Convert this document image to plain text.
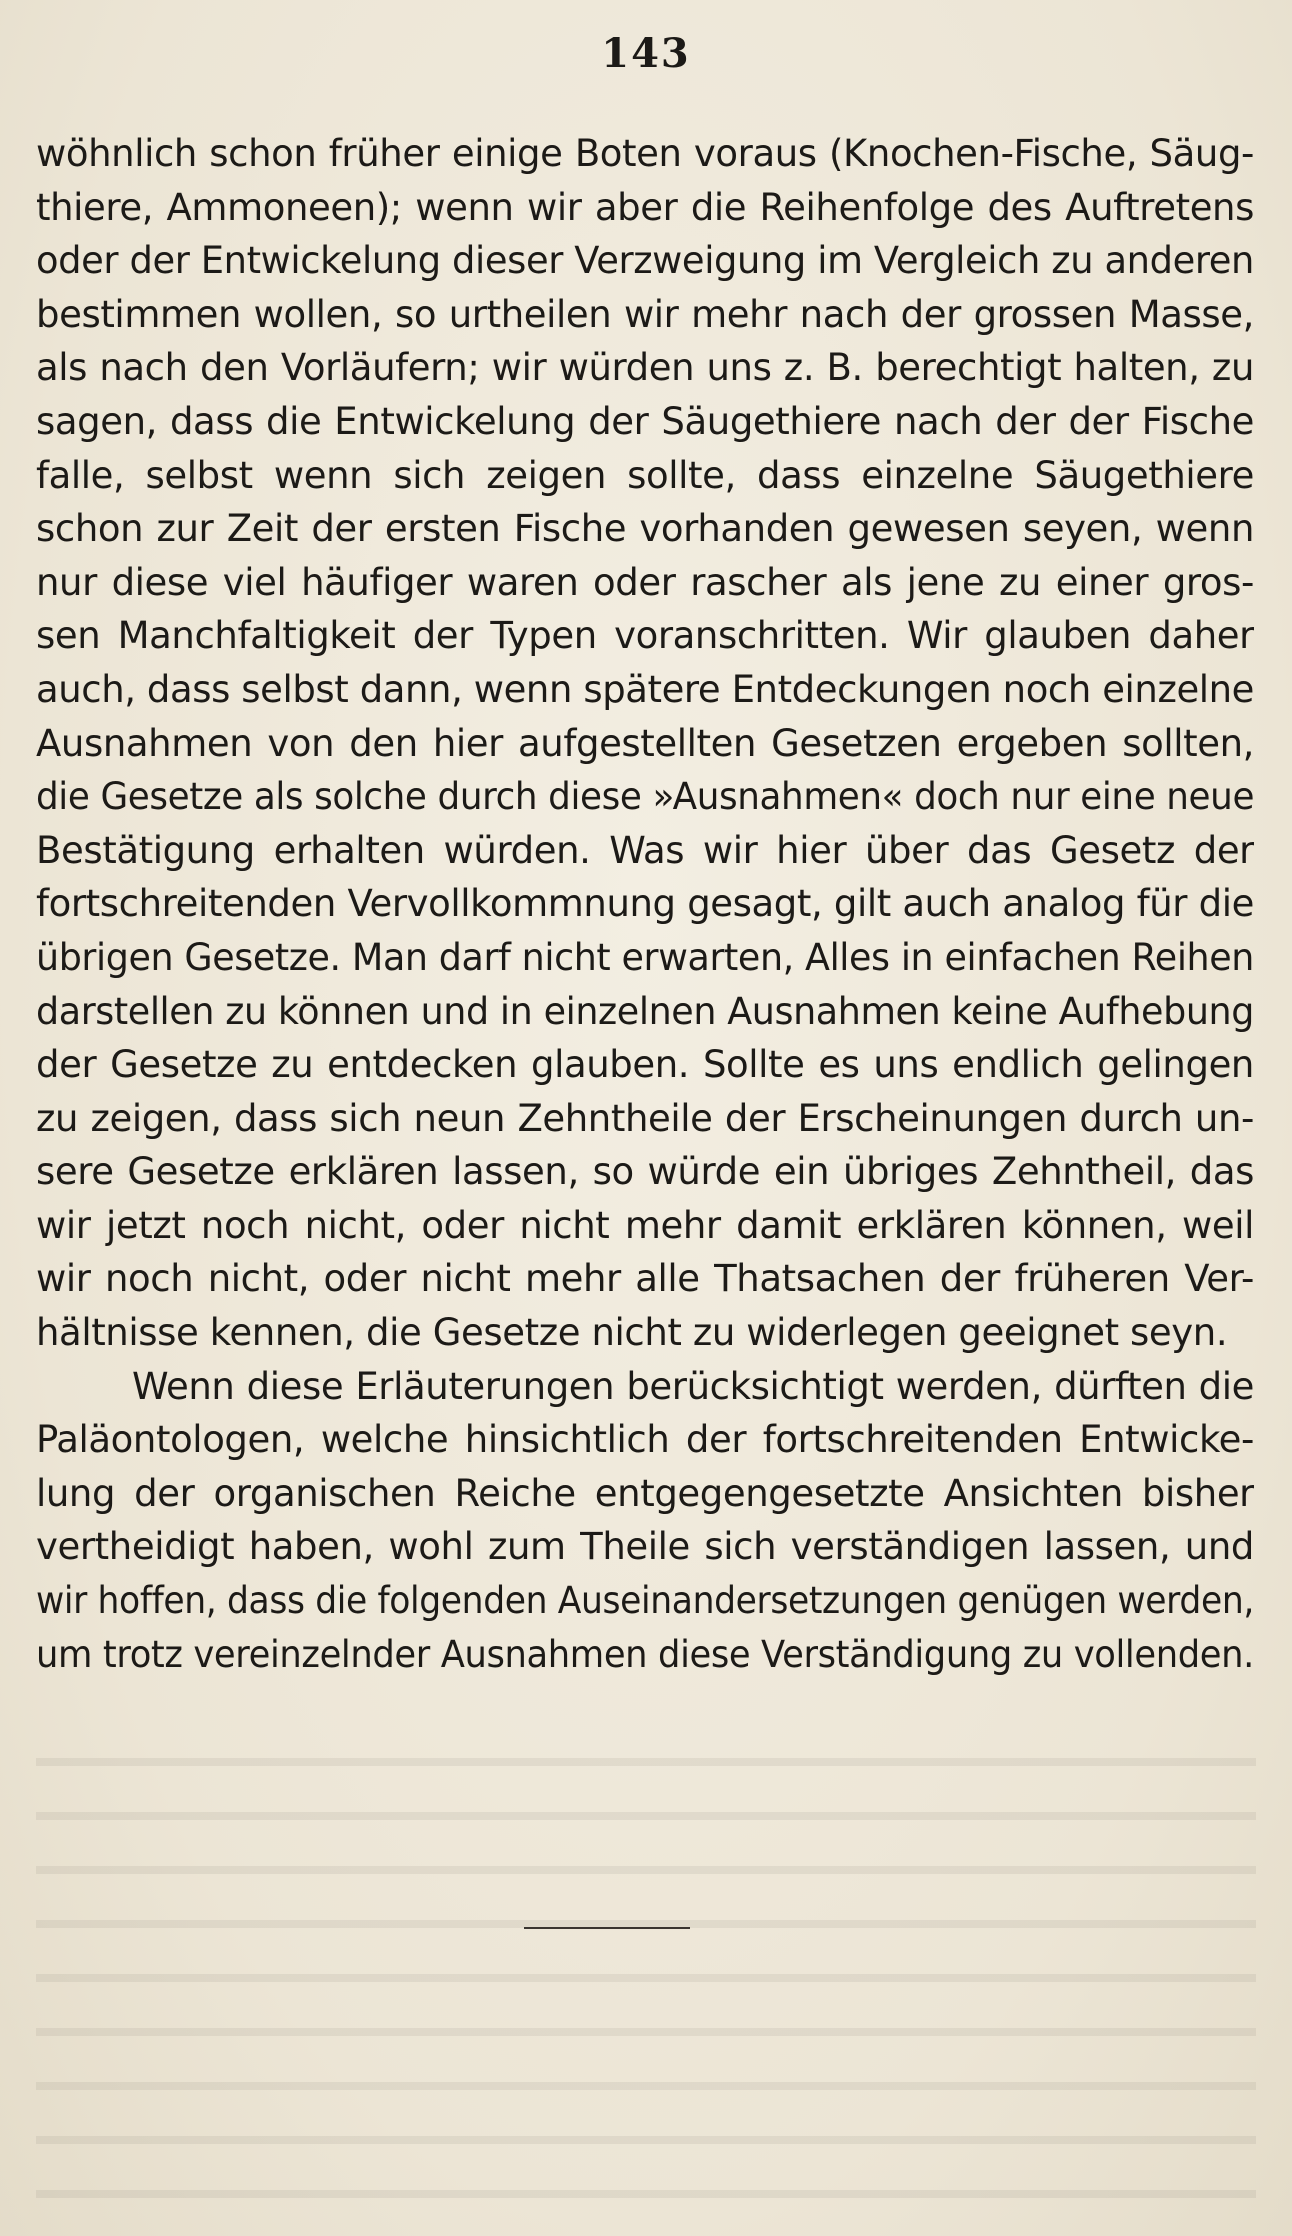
143
wöhnlich schon früher einige Boten voraus (Knochen-Fische, Säug-
thiere, Ammoneen); wenn wir aber die Reihenfolge des Auftretens
oder der Entwickelung dieser Verzweigung im Vergleich zu anderen
bestimmen wollen, so urtheilen wir mehr nach der grossen Masse,
als nach den Vorläufern; wir würden uns z. B. berechtigt halten, zu
sagen, dass die Entwickelung der Säugethiere nach der der Fische
falle, selbst wenn sich zeigen sollte, dass einzelne Säugethiere
schon zur Zeit der ersten Fische vorhanden gewesen seyen, wenn
nur diese viel häufiger waren oder rascher als jene zu einer gros-
sen Manchfaltigkeit der Typen voranschritten. Wir glauben daher
auch, dass selbst dann, wenn spätere Entdeckungen noch einzelne
Ausnahmen von den hier aufgestellten Gesetzen ergeben sollten,
die Gesetze als solche durch diese »Ausnahmen« doch nur eine neue
Bestätigung erhalten würden. Was wir hier über das Gesetz der
fortschreitenden Vervollkommnung gesagt, gilt auch analog für die
übrigen Gesetze. Man darf nicht erwarten, Alles in einfachen Reihen
darstellen zu können und in einzelnen Ausnahmen keine Aufhebung
der Gesetze zu entdecken glauben. Sollte es uns endlich gelingen
zu zeigen, dass sich neun Zehntheile der Erscheinungen durch un-
sere Gesetze erklären lassen, so würde ein übriges Zehntheil, das
wir jetzt noch nicht, oder nicht mehr damit erklären können, weil
wir noch nicht, oder nicht mehr alle Thatsachen der früheren Ver-
hältnisse kennen, die Gesetze nicht zu widerlegen geeignet seyn.
Wenn diese Erläuterungen berücksichtigt werden, dürften die
Paläontologen, welche hinsichtlich der fortschreitenden Entwicke-
lung der organischen Reiche entgegengesetzte Ansichten bisher
vertheidigt haben, wohl zum Theile sich verständigen lassen, und
wir hoffen, dass die folgenden Auseinandersetzungen genügen werden,
um trotz vereinzelnder Ausnahmen diese Verständigung zu vollenden.
